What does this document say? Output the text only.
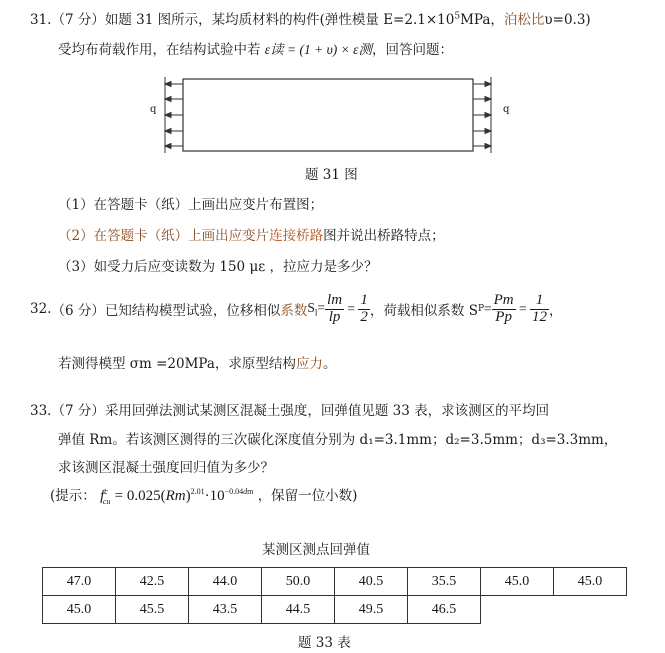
31.（7 分）如题 31 图所示，某均质材料的构件(弹性模量 $E=2.1\times 10^5MPa$，泊松比υ=0.3)
受均布荷载作用，在结构试验中若 ε读 = (1 + υ) × ε测，回答问题：
q	q
题 31 图
（1）在答题卡（纸）上画出应变片布置图；
（2）在答题卡（纸）上画出应变片连接桥路图并说出桥路特点；
（3）如受力后应变读数为 150 με ，拉应力是多少？
32. （6 分） 已知结构模型试验，位移相似 系数 $S_l= \frac{lm}{lp} = \frac{1}{2}$ ，荷载相似系数 S $P = \frac{Pm}{Pp} = \frac{1}{12}$ ，
若测得模型 σm =20MPa，求原型结构应力。
33.（7 分）采用回弹法测试某测区混凝土强度，回弹值见题 33 表，求该测区的平均回
弹值 Rm。若该测区测得的三次碳化深度值分别为 d₁=3.1mm；d₂=3.5mm；d₃=3.3mm，
求该测区混凝土强度回归值为多少？
(提示： $f^c_{cu} = 0.025(Rm)^{2.01}\cdot 10^{-0.04dm}$ ，保留一位小数)
某测区测点回弹值
47.0	42.5	44.0	50.0	40.5	35.5	45.0	45.0
45.0	45.5	43.5	44.5	49.5	46.5		
题 33 表
